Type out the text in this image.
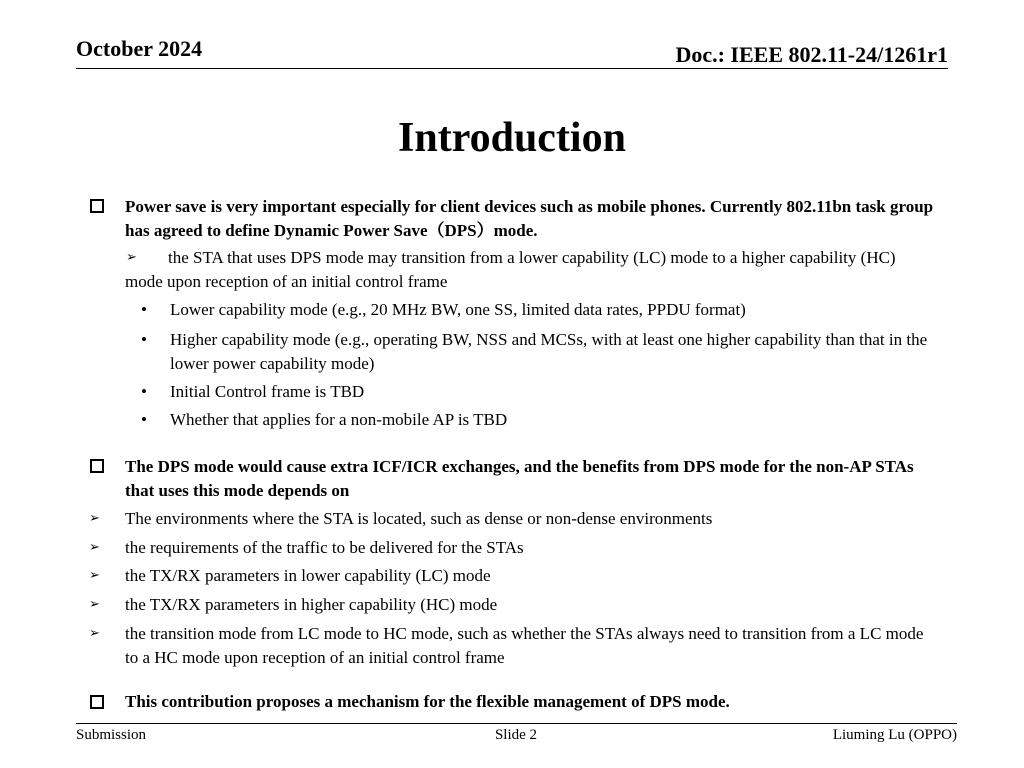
October 2024	Doc.: IEEE 802.11-24/1261r1
Introduction
Power save is very important especially for client devices such as mobile phones. Currently 802.11bn task group has agreed to define Dynamic Power Save（DPS）mode.
➢	the STA that uses DPS mode may transition from a lower capability (LC) mode to a higher capability (HC) mode upon reception of an initial control frame
• Lower capability mode (e.g., 20 MHz BW, one SS, limited data rates, PPDU format)
• Higher capability mode (e.g., operating BW, NSS and MCSs, with at least one higher capability than that in the lower power capability mode)
• Initial Control frame is TBD
• Whether that applies for a non-mobile AP is TBD
The DPS mode would cause extra ICF/ICR exchanges, and the benefits from DPS mode for the non-AP STAs that uses this mode depends on
➢ The environments where the STA is located, such as dense or non-dense environments
➢ the requirements of the traffic to be delivered for the STAs
➢ the TX/RX parameters in lower capability (LC) mode
➢ the TX/RX parameters in higher capability (HC) mode
➢ the transition mode from LC mode to HC mode, such as whether the STAs always need to transition from a LC mode to a HC mode upon reception of an initial control frame
This contribution proposes a mechanism for the flexible management of DPS mode.
Submission	Slide 2	Liuming Lu (OPPO)
